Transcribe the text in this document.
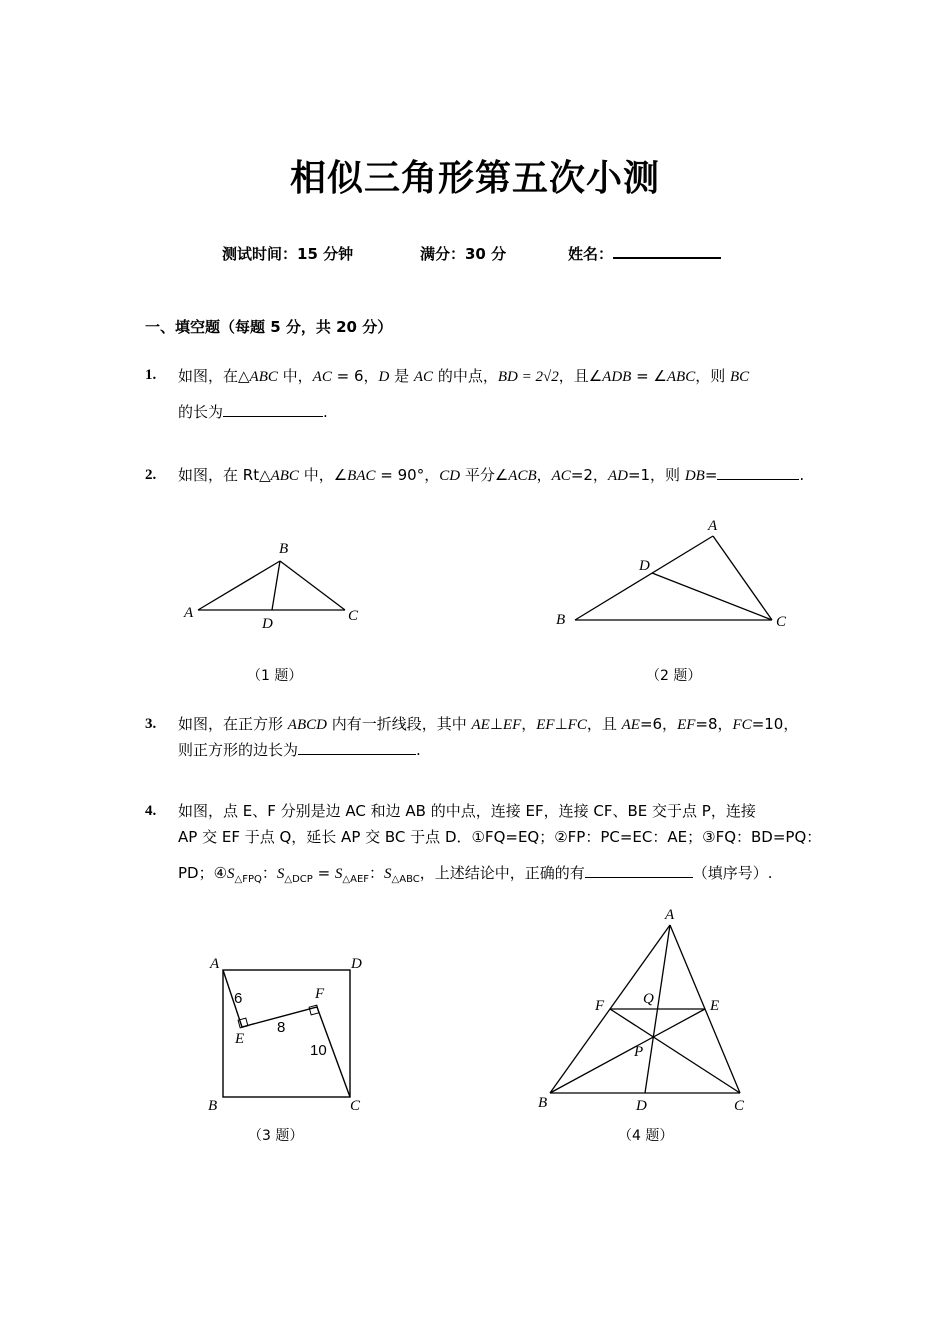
相似三角形第五次小测
测试时间：15 分钟	满分：30 分	姓名：
一、填空题（每题 5 分，共 20 分）
1. 如图，在△ABC 中，AC = 6，D 是 AC 的中点，BD = 2√2，且∠ADB = ∠ABC，则 BC
的长为	.
2. 如图，在 Rt△ABC 中，∠BAC = 90°，CD 平分∠ACB，AC=2，AD=1，则 DB=	.
A
B
C
D
（1 题）
A
B	C
D
（2 题）
3. 如图，在正方形 ABCD 内有一折线段，其中 AE⊥EF，EF⊥FC，且 AE=6，EF=8，FC=10，
则正方形的边长为	.
4. 如图，点 E、F 分别是边 AC 和边 AB 的中点，连接 EF，连接 CF、BE 交于点 P，连接
AP 交 EF 于点 Q，延长 AP 交 BC 于点 D．①FQ=EQ；②FP：PC=EC：AE；③FQ：BD=PQ：
PD；$④S_{\triangle FPQ}$：$S_{\triangle DCP} = S_{\triangle AEF}$：$S_{\triangle ABC}$，上述结论中，正确的有	（填序号）.
A
B	C
D
E
F
6
8
10
（3 题）
A
B	C
D
E
F
P
Q
（4 题）
